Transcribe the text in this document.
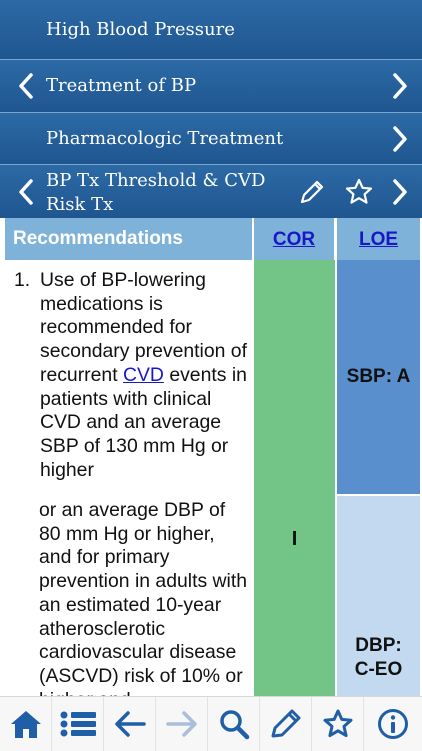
High Blood Pressure
Treatment of BP
Pharmacologic Treatment
BP Tx Threshold & CVD
Risk Tx
Recommendations	COR	LOE
1. Use of BP-lowering medications is recommended for secondary prevention of recurrent CVD events in patients with clinical CVD and an average SBP of 130 mm Hg or higher

or an average DBP of 80 mm Hg or higher, and for primary prevention in adults with an estimated 10-year atherosclerotic cardiovascular disease (ASCVD) risk of 10% or

I
SBP: A
DBP:
C-EO
